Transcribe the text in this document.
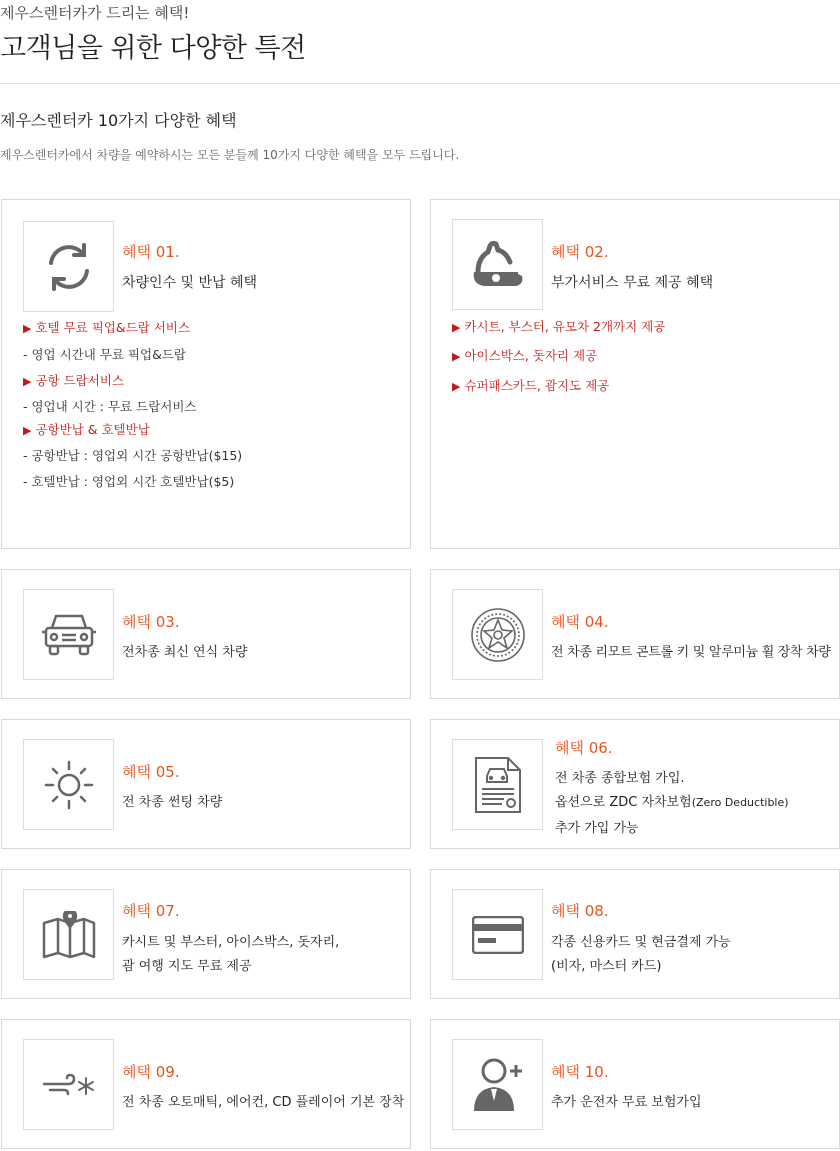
제우스렌터카가 드리는 혜택!
고객님을 위한 다양한 특전
제우스렌터카 10가지 다양한 혜택
제우스렌터카에서 차량을 예약하시는 모든 분들께 10가지 다양한 혜택을 모두 드립니다.
혜택 01.
차량인수 및 반납 혜택
▶ 호텔 무료 픽업&드랍 서비스
- 영업 시간내 무료 픽업&드랍
▶ 공항 드랍서비스
- 영업내 시간 : 무료 드랍서비스
▶ 공항반납 & 호텔반납
- 공항반납 : 영업외 시간 공항반납($15)
- 호텔반납 : 영업외 시간 호텔반납($5)
혜택 02.
부가서비스 무료 제공 혜택
▶ 카시트, 부스터, 유모차 2개까지 제공
▶ 아이스박스, 돗자리 제공
▶ 슈퍼패스카드, 괌지도 제공
혜택 03.
전차종 최신 연식 차량
혜택 04.
전 차종 리모트 콘트롤 키 및 알루미늄 휠 장착 차량
혜택 05.
전 차종 썬팅 차량
혜택 06.
전 차종 종합보험 가입.
옵션으로 ZDC 자차보험(Zero Deductible)
추가 가입 가능
혜택 07.
카시트 및 부스터, 아이스박스, 돗자리,
괌 여행 지도 무료 제공
혜택 08.
각종 신용카드 및 현금결제 가능
(비자, 마스터 카드)
혜택 09.
전 차종 오토매틱, 에어컨, CD 플레이어 기본 장착
혜택 10.
추가 운전자 무료 보험가입
